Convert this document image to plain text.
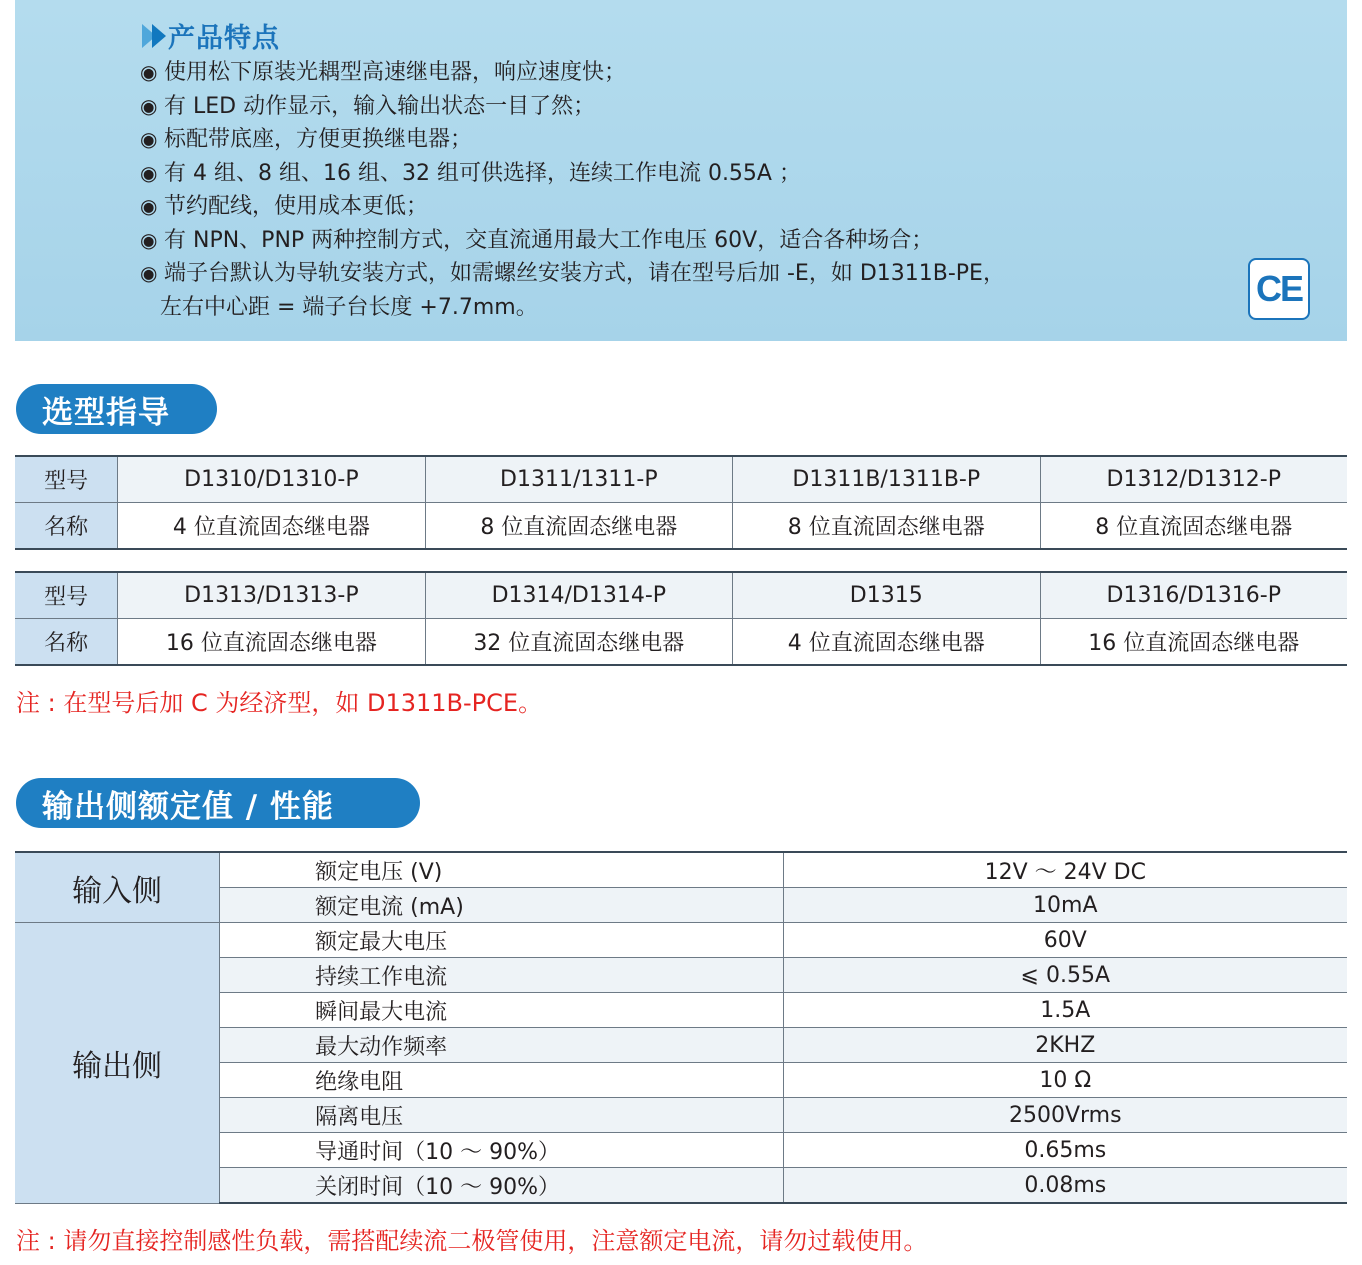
产品特点
◉ 使用松下原装光耦型高速继电器，响应速度快；
◉ 有 LED 动作显示，输入输出状态一目了然；
◉ 标配带底座，方便更换继电器；
◉ 有 4 组、8 组、16 组、32 组可供选择，连续工作电流 0.55A ；
◉ 节约配线，使用成本更低；
◉ 有 NPN、PNP 两种控制方式，交直流通用最大工作电压 60V，适合各种场合；
◉ 端子台默认为导轨安装方式，如需螺丝安装方式，请在型号后加 -E，如 D1311B-PE，
左右中心距 = 端子台长度 +7.7mm。	CE
选型指导
型号	D1310/D1310-P	D1311/1311-P	D1311B/1311B-P	D1312/D1312-P
名称	4 位直流固态继电器	8 位直流固态继电器	8 位直流固态继电器	8 位直流固态继电器
型号	D1313/D1313-P	D1314/D1314-P	D1315	D1316/D1316-P
名称	16 位直流固态继电器	32 位直流固态继电器	4 位直流固态继电器	16 位直流固态继电器
注 : 在型号后加 C 为经济型，如 D1311B-PCE。
输出侧额定值 / 性能
输入侧	额定电压 (V)	12V ～ 24V DC
	额定电流 (mA)	10mA
输出侧	额定最大电压	60V
	持续工作电流	⩽ 0.55A
	瞬间最大电流	1.5A
	最大动作频率	2KHZ
	绝缘电阻	10 Ω
	隔离电压	2500Vrms
	导通时间（10 ～ 90%）	0.65ms
	关闭时间（10 ～ 90%）	0.08ms
注 : 请勿直接控制感性负载，需搭配续流二极管使用，注意额定电流，请勿过载使用。
